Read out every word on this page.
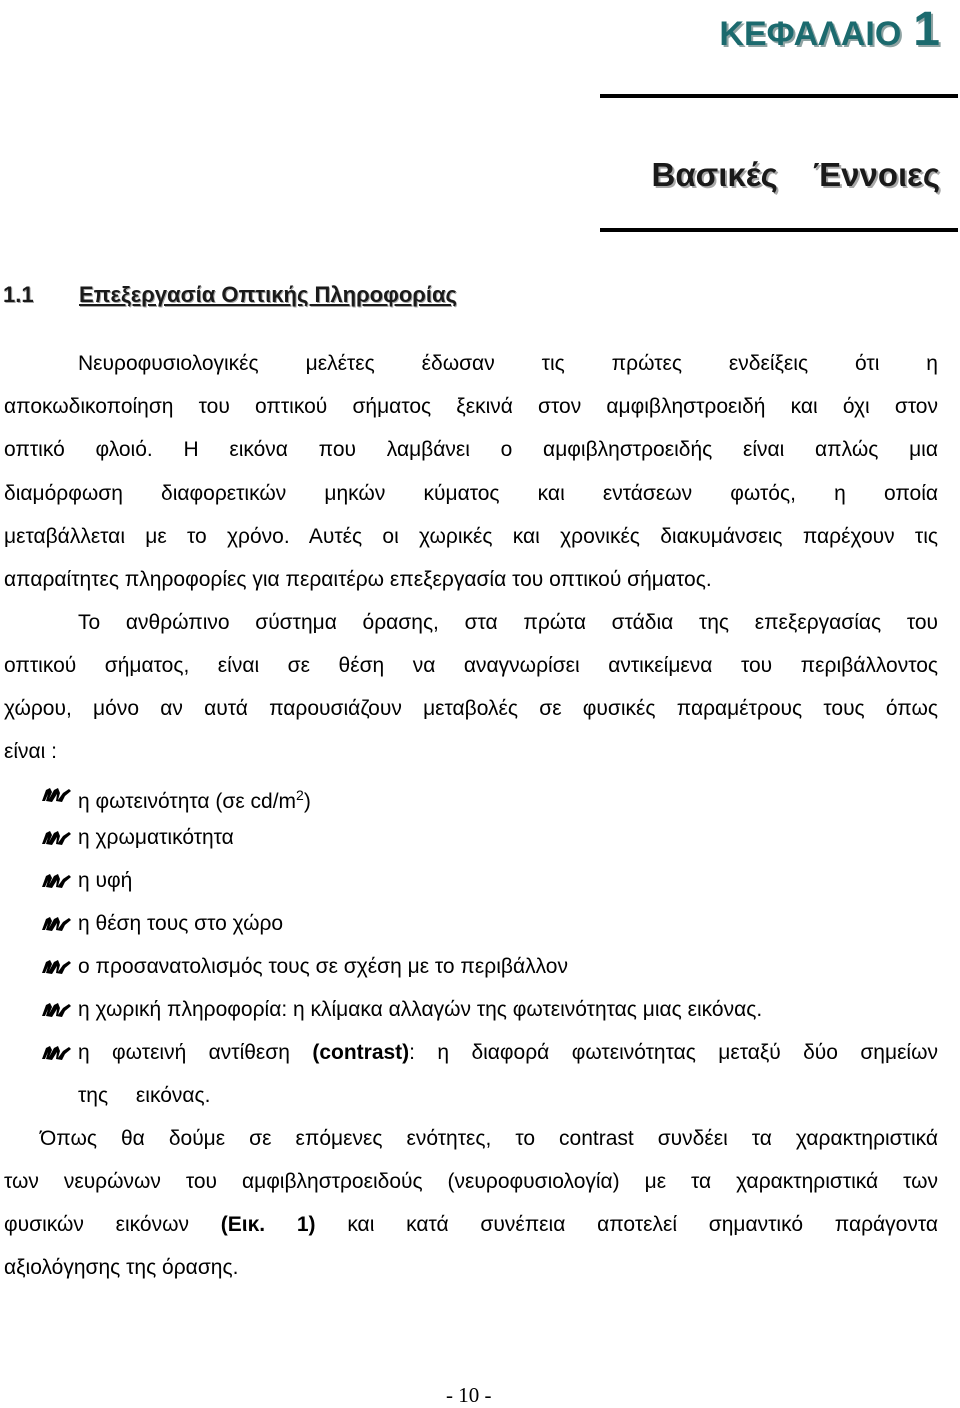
ΚΕΦΑΛΑΙΟ 1
Βασικές Έννοιες
1.1 Επεξεργασία Οπτικής Πληροφορίας
Νευροφυσιολογικές μελέτες έδωσαν τις πρώτες ενδείξεις ότι η
αποκωδικοποίηση του οπτικού σήματος ξεκινά στον αμφιβληστροειδή και όχι στον
οπτικό φλοιό. Η εικόνα που λαμβάνει ο αμφιβληστροειδής είναι απλώς μια
διαμόρφωση διαφορετικών μηκών κύματος και εντάσεων φωτός, η οποία
μεταβάλλεται με το χρόνο. Αυτές οι χωρικές και χρονικές διακυμάνσεις παρέχουν τις
απαραίτητες πληροφορίες για περαιτέρω επεξεργασία του οπτικού σήματος.
Το ανθρώπινο σύστημα όρασης, στα πρώτα στάδια της επεξεργασίας του
οπτικού σήματος, είναι σε θέση να αναγνωρίσει αντικείμενα του περιβάλλοντος
χώρου, μόνο αν αυτά παρουσιάζουν μεταβολές σε φυσικές παραμέτρους τους όπως
είναι :
η φωτεινότητα (σε $cd/m^2$)
η χρωματικότητα
η υφή
η θέση τους στο χώρο
ο προσανατολισμός τους σε σχέση με το περιβάλλον
η χωρική πληροφορία: η κλίμακα αλλαγών της φωτεινότητας μιας εικόνας.
η φωτεινή αντίθεση (contrast): η διαφορά φωτεινότητας μεταξύ δύο σημείων
της εικόνας.
Όπως θα δούμε σε επόμενες ενότητες, το contrast συνδέει τα χαρακτηριστικά
των νευρώνων του αμφιβληστροειδούς (νευροφυσιολογία) με τα χαρακτηριστικά των
φυσικών εικόνων (Εικ. 1) και κατά συνέπεια αποτελεί σημαντικό παράγοντα
αξιολόγησης της όρασης.
- 10 -
